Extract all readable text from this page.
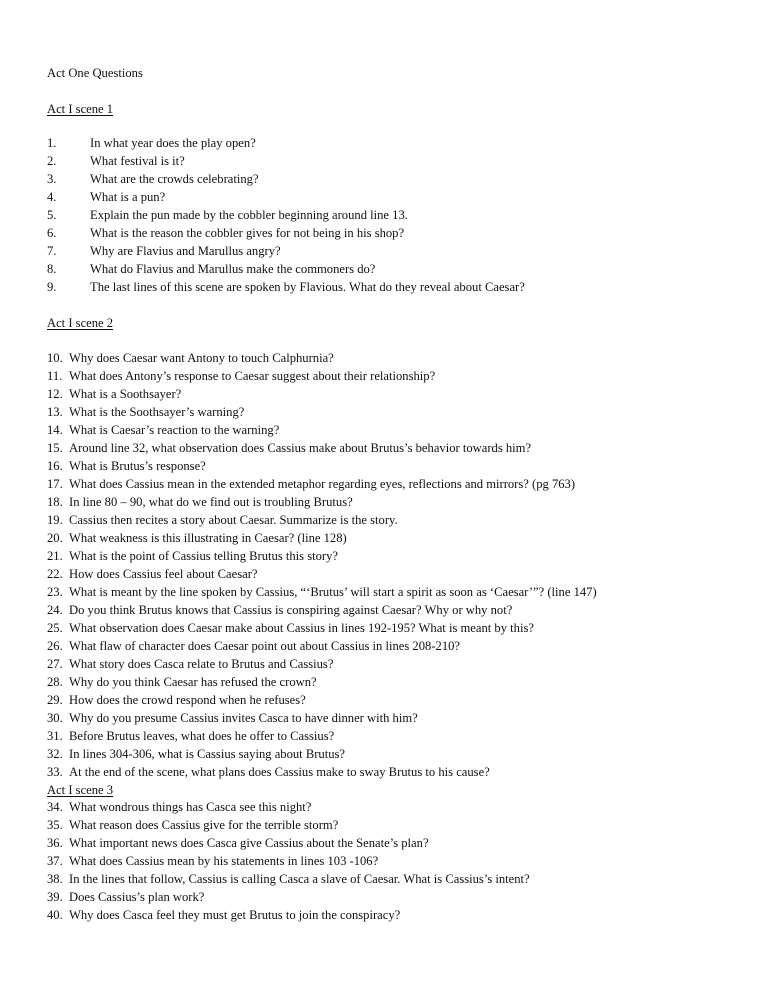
Act One Questions
Act I scene 1
1.	In what year does the play open?
2.	What festival is it?
3.	What are the crowds celebrating?
4.	What is a pun?
5.	Explain the pun made by the cobbler beginning around line 13.
6.	What is the reason the cobbler gives for not being in his shop?
7.	Why are Flavius and Marullus angry?
8.	What do Flavius and Marullus make the commoners do?
9.	The last lines of this scene are spoken by Flavious. What do they reveal about Caesar?
Act I scene 2
10. Why does Caesar want Antony to touch Calphurnia?
11. What does Antony’s response to Caesar suggest about their relationship?
12. What is a Soothsayer?
13. What is the Soothsayer’s warning?
14. What is Caesar’s reaction to the warning?
15. Around line 32, what observation does Cassius make about Brutus’s behavior towards him?
16. What is Brutus’s response?
17. What does Cassius mean in the extended metaphor regarding eyes, reflections and mirrors? (pg 763)
18. In line 80 – 90, what do we find out is troubling Brutus?
19. Cassius then recites a story about Caesar. Summarize is the story.
20. What weakness is this illustrating in Caesar? (line 128)
21. What is the point of Cassius telling Brutus this story?
22. How does Cassius feel about Caesar?
23. What is meant by the line spoken by Cassius, “‘Brutus’ will start a spirit as soon as ‘Caesar’”? (line 147)
24. Do you think Brutus knows that Cassius is conspiring against Caesar? Why or why not?
25. What observation does Caesar make about Cassius in lines 192-195? What is meant by this?
26. What flaw of character does Caesar point out about Cassius in lines 208-210?
27. What story does Casca relate to Brutus and Cassius?
28. Why do you think Caesar has refused the crown?
29. How does the crowd respond when he refuses?
30. Why do you presume Cassius invites Casca to have dinner with him?
31. Before Brutus leaves, what does he offer to Cassius?
32. In lines 304-306, what is Cassius saying about Brutus?
33. At the end of the scene, what plans does Cassius make to sway Brutus to his cause?
Act I scene 3
34. What wondrous things has Casca see this night?
35. What reason does Cassius give for the terrible storm?
36. What important news does Casca give Cassius about the Senate’s plan?
37. What does Cassius mean by his statements in lines 103 -106?
38. In the lines that follow, Cassius is calling Casca a slave of Caesar. What is Cassius’s intent?
39. Does Cassius’s plan work?
40. Why does Casca feel they must get Brutus to join the conspiracy?
